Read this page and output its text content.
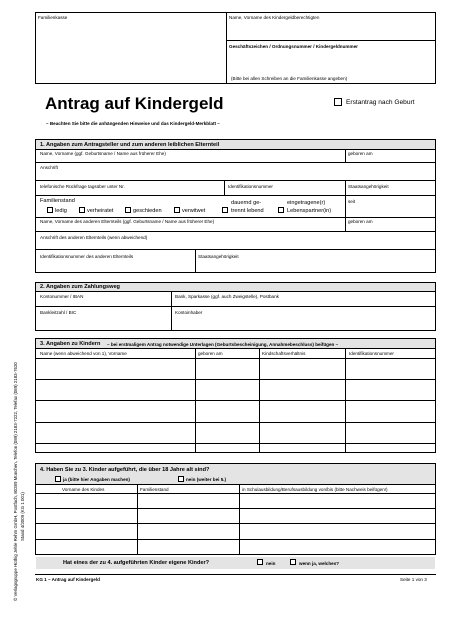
© Verlagsgruppe Hüthig Jehle Rehm GmbH, Postfach, 80289 München, Telefon (089) 2183-7222, Telefax (089) 2183-7620 Stand 4/2009 (KG 1 001)
Familienkasse	Name, Vorname des Kindergeldberechtigten
Geschäftszeichen / Ordnungsnummer / Kindergeldnummer
(Bitte bei allen Schreiben an die Familienkasse angeben)
Antrag auf Kindergeld	Erstantrag nach Geburt
– Beachten Sie bitte die anhängenden Hinweise und das Kindergeld-Merkblatt –
1. Angaben zum Antragsteller und zum anderen leiblichen Elternteil
Name, Vorname (ggf. Geburtsname / Name aus früherer Ehe)	geboren am
Anschrift
telefonische Rückfrage tagsüber unter Nr.	Identifikationsnummer	Staatsangehörigkeit
Familienstand	seit
ledig	verheiratet	geschieden	verwitwet
dauernd ge-
trennt lebend
eingetragene(r)
Lebenspartner(in)
Name, Vorname des anderen Elternteils (ggf. Geburtsname / Name aus früherer Ehe)	geboren am
Anschrift des anderen Elternteils (wenn abweichend)
Identifikationsnummer des anderen Elternteils	Staatsangehörigkeit
2. Angaben zum Zahlungsweg
Kontonummer / IBAN	Bank, Sparkasse (ggf. auch Zweigstelle), Postbank
Bankleitzahl / BIC	Kontoinhaber
3. Angaben zu Kindern – bei erstmaligem Antrag notwendige Unterlagen (Geburtsbescheinigung, Annahmebeschluss) beifügen –
Name (wenn abweichend von 1), Vorname	geboren am	Kindschaftsverhältnis	Identifikationsnummer
4. Haben Sie zu 3. Kinder aufgeführt, die über 18 Jahre alt sind?
ja (bitte hier Angaben machen)	nein (weiter bei 5.)
Vorname des Kindes	Familienstand	in Schulausbildung/Berufsausbildung von/bis (bitte Nachweis beifügen!)
Hat eines der zu 4. aufgeführten Kinder eigene Kinder?	nein	wenn ja, welches?
KG 1 – Antrag auf Kindergeld	Seite 1 von 3
